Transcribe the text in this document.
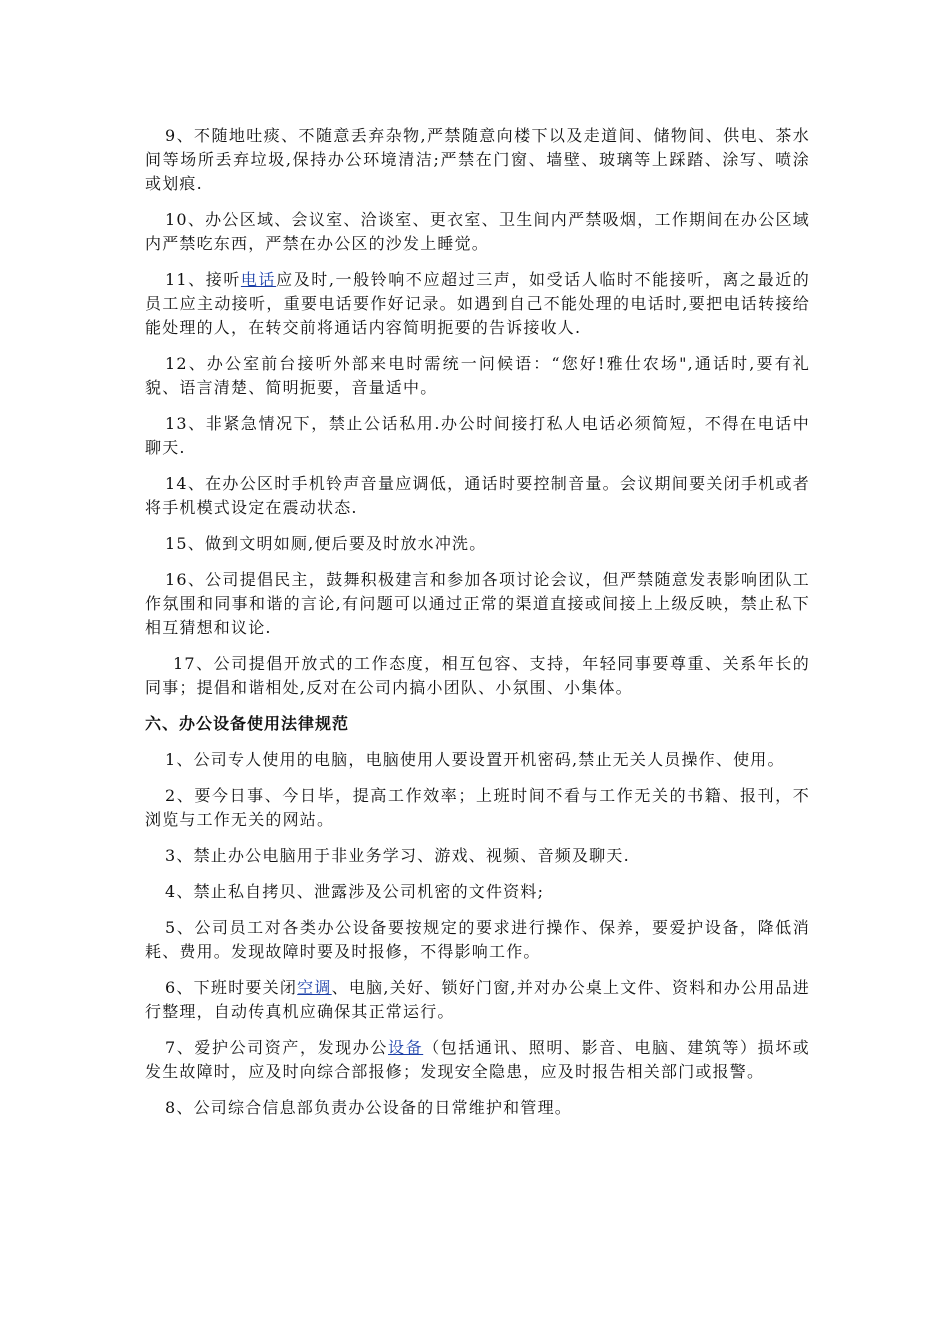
9、不随地吐痰、不随意丢弃杂物,严禁随意向楼下以及走道间、储物间、供电、茶水间等场所丢弃垃圾,保持办公环境清洁;严禁在门窗、墙壁、玻璃等上踩踏、涂写、喷涂或划痕.

10、办公区域、会议室、洽谈室、更衣室、卫生间内严禁吸烟，工作期间在办公区域内严禁吃东西，严禁在办公区的沙发上睡觉。

11、接听电话应及时,一般铃响不应超过三声，如受话人临时不能接听，离之最近的员工应主动接听，重要电话要作好记录。如遇到自己不能处理的电话时,要把电话转接给能处理的人，在转交前将通话内容简明扼要的告诉接收人.

12、办公室前台接听外部来电时需统一问候语：“您好!雅仕农场",通话时,要有礼貌、语言清楚、简明扼要，音量适中。

13、非紧急情况下，禁止公话私用.办公时间接打私人电话必须简短，不得在电话中聊天.

14、在办公区时手机铃声音量应调低，通话时要控制音量。会议期间要关闭手机或者将手机模式设定在震动状态.

15、做到文明如厕,便后要及时放水冲洗。

16、公司提倡民主，鼓舞积极建言和参加各项讨论会议，但严禁随意发表影响团队工作氛围和同事和谐的言论,有问题可以通过正常的渠道直接或间接上上级反映，禁止私下相互猜想和议论.

17、公司提倡开放式的工作态度，相互包容、支持，年轻同事要尊重、关系年长的同事；提倡和谐相处,反对在公司内搞小团队、小氛围、小集体。

六、办公设备使用法律规范

1、公司专人使用的电脑，电脑使用人要设置开机密码,禁止无关人员操作、使用。

2、要今日事、今日毕，提高工作效率；上班时间不看与工作无关的书籍、报刊，不浏览与工作无关的网站。

3、禁止办公电脑用于非业务学习、游戏、视频、音频及聊天.

4、禁止私自拷贝、泄露涉及公司机密的文件资料;

5、公司员工对各类办公设备要按规定的要求进行操作、保养，要爱护设备，降低消耗、费用。发现故障时要及时报修，不得影响工作。

6、下班时要关闭空调、电脑,关好、锁好门窗,并对办公桌上文件、资料和办公用品进行整理，自动传真机应确保其正常运行。

7、爱护公司资产，发现办公设备（包括通讯、照明、影音、电脑、建筑等）损坏或发生故障时，应及时向综合部报修；发现安全隐患，应及时报告相关部门或报警。

8、公司综合信息部负责办公设备的日常维护和管理。
